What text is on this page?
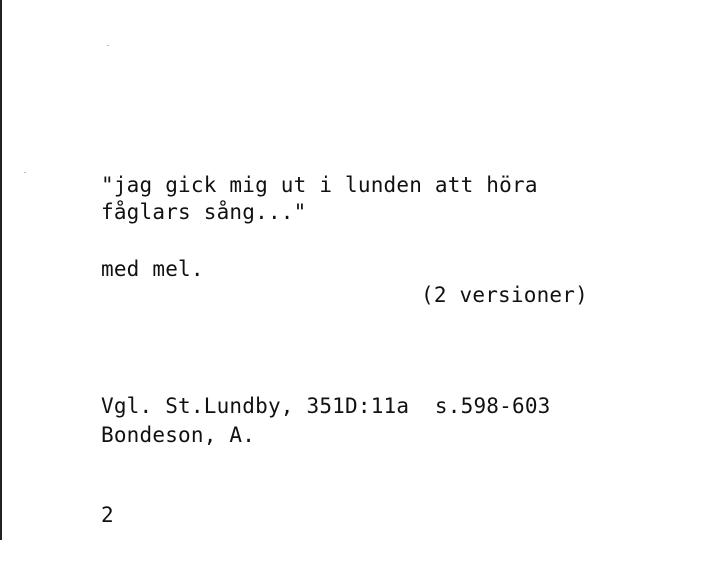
"jag gick mig ut i lunden att höra
fåglars sång..."
med mel.
(2 versioner)
Vgl. St.Lundby, 351D:11a  s.598-603
Bondeson, A.
2
